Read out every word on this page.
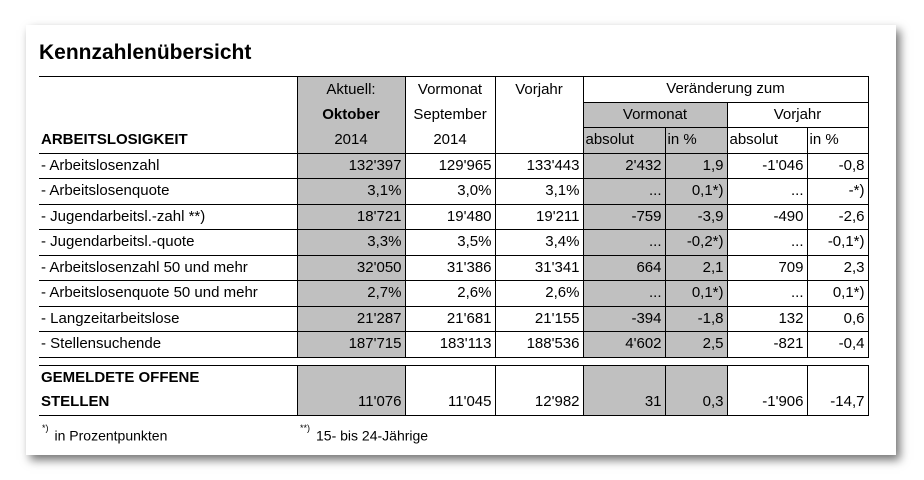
Kennzahlenübersicht
	Aktuell:	Vormonat	Vorjahr	Veränderung zum			
	Oktober	September		Vormonat		Vorjahr	
ARBEITSLOSIGKEIT	2014	2014		absolut	in %	absolut	in %
- Arbeitslosenzahl	132'397	129'965	133'443	2'432	1,9	-1'046	-0,8
- Arbeitslosenquote	3,1%	3,0%	3,1%	...	0,1*)	...	-*)
- Jugendarbeitsl.-zahl **)	18'721	19'480	19'211	-759	-3,9	-490	-2,6
- Jugendarbeitsl.-quote	3,3%	3,5%	3,4%	...	-0,2*)	...	-0,1*)
- Arbeitslosenzahl 50 und mehr	32'050	31'386	31'341	664	2,1	709	2,3
- Arbeitslosenquote 50 und mehr	2,7%	2,6%	2,6%	...	0,1*)	...	0,1*)
- Langzeitarbeitslose	21'287	21'681	21'155	-394	-1,8	132	0,6
- Stellensuchende	187'715	183'113	188'536	4'602	2,5	-821	-0,4

GEMELDETE OFFENE							
STELLEN	11'076	11'045	12'982	31	0,3	-1'906	-14,7
*) in Prozentpunkten	**) 15- bis 24-Jährige
